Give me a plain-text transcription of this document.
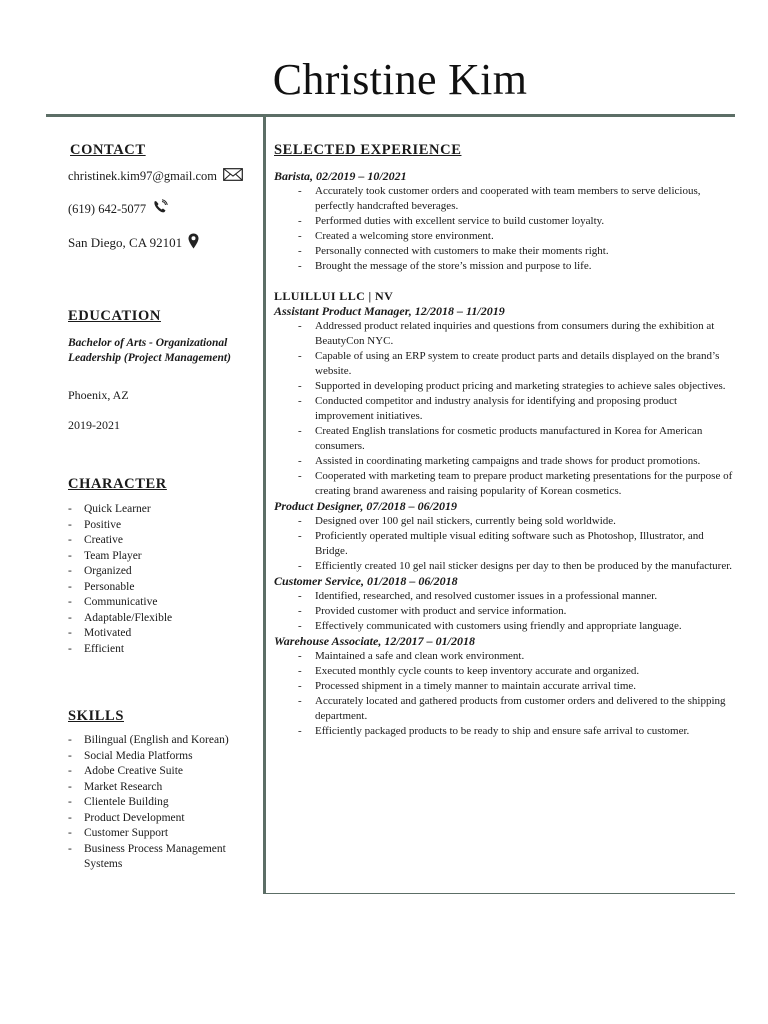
Christine Kim
CONTACT
christinek.kim97@gmail.com
(619) 642-5077
San Diego, CA 92101
EDUCATION
Bachelor of Arts - Organizational Leadership (Project Management)
Phoenix, AZ
2019-2021
CHARACTER
- Quick Learner
- Positive
- Creative
- Team Player
- Organized
- Personable
- Communicative
- Adaptable/Flexible
- Motivated
- Efficient
SKILLS
- Bilingual (English and Korean)
- Social Media Platforms
- Adobe Creative Suite
- Market Research
- Clientele Building
- Product Development
- Customer Support
- Business Process Management Systems
SELECTED EXPERIENCE
Barista, 02/2019 – 10/2021
- Accurately took customer orders and cooperated with team members to serve delicious, perfectly handcrafted beverages.
- Performed duties with excellent service to build customer loyalty.
- Created a welcoming store environment.
- Personally connected with customers to make their moments right.
- Brought the message of the store’s mission and purpose to life.
LLUILLUI LLC | NV
Assistant Product Manager, 12/2018 – 11/2019
- Addressed product related inquiries and questions from consumers during the exhibition at BeautyCon NYC.
- Capable of using an ERP system to create product parts and details displayed on the brand’s website.
- Supported in developing product pricing and marketing strategies to achieve sales objectives.
- Conducted competitor and industry analysis for identifying and proposing product improvement initiatives.
- Created English translations for cosmetic products manufactured in Korea for American consumers.
- Assisted in coordinating marketing campaigns and trade shows for product promotions.
- Cooperated with marketing team to prepare product marketing presentations for the purpose of creating brand awareness and raising popularity of Korean cosmetics.
Product Designer, 07/2018 – 06/2019
- Designed over 100 gel nail stickers, currently being sold worldwide.
- Proficiently operated multiple visual editing software such as Photoshop, Illustrator, and Bridge.
- Efficiently created 10 gel nail sticker designs per day to then be produced by the manufacturer.
Customer Service, 01/2018 – 06/2018
- Identified, researched, and resolved customer issues in a professional manner.
- Provided customer with product and service information.
- Effectively communicated with customers using friendly and appropriate language.
Warehouse Associate, 12/2017 – 01/2018
- Maintained a safe and clean work environment.
- Executed monthly cycle counts to keep inventory accurate and organized.
- Processed shipment in a timely manner to maintain accurate arrival time.
- Accurately located and gathered products from customer orders and delivered to the shipping department.
- Efficiently packaged products to be ready to ship and ensure safe arrival to customer.
